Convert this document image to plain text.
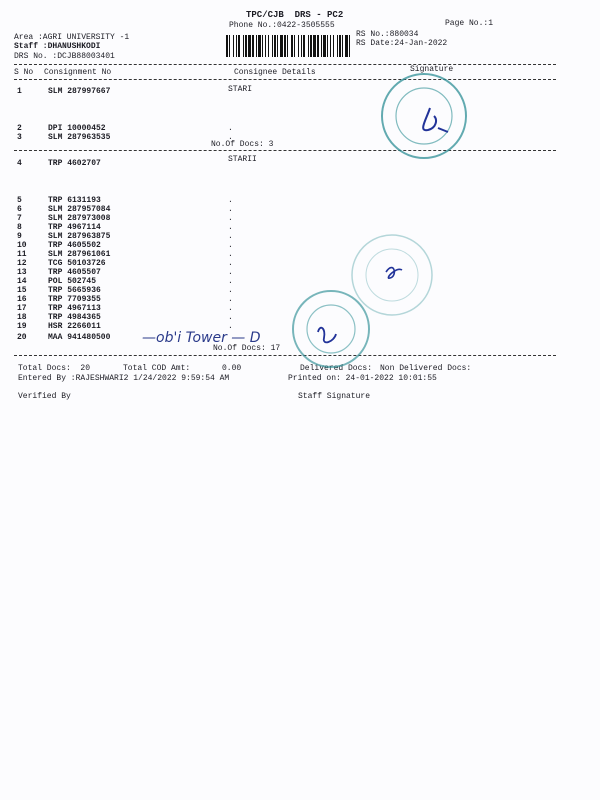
TPC/CJB  DRS - PC2
Phone No.:0422-3505555	Page No.:1
Area :AGRI UNIVERSITY -1
Staff :DHANUSHKODI
DRS No. :DCJB88003401
RS No.:880034
RS Date:24-Jan-2022
S No Consignment No	Consignee Details	Signature
STARI
1	SLM 287997667
2	DPI 10000452	.
3	SLM 287963535	.
No.Of Docs: 3
STARII
4	TRP 4602707
5	TRP 6131193	.
6	SLM 287957084	.
7	SLM 287973008	.
8	TRP 4967114	.
9	SLM 287963875	.
10	TRP 4605502	.
11	SLM 287961061	.
12	TCG 50103726	.
13	TRP 4605507	.
14	POL 502745	.
15	TRP 5665936	.
16	TRP 7709355	.
17	TRP 4967113	.
18	TRP 4984365	.
19	HSR 2266011	.
20	MAA 941480500 —ob'i Tower — D
No.Of Docs: 17
Total Docs:  20	Total COD Amt:	0.00	Delivered Docs: Non Delivered Docs:
Entered By :RAJESHWARI2 1/24/2022 9:59:54 AM	Printed on: 24-01-2022 10:01:55
Verified By	Staff Signature
